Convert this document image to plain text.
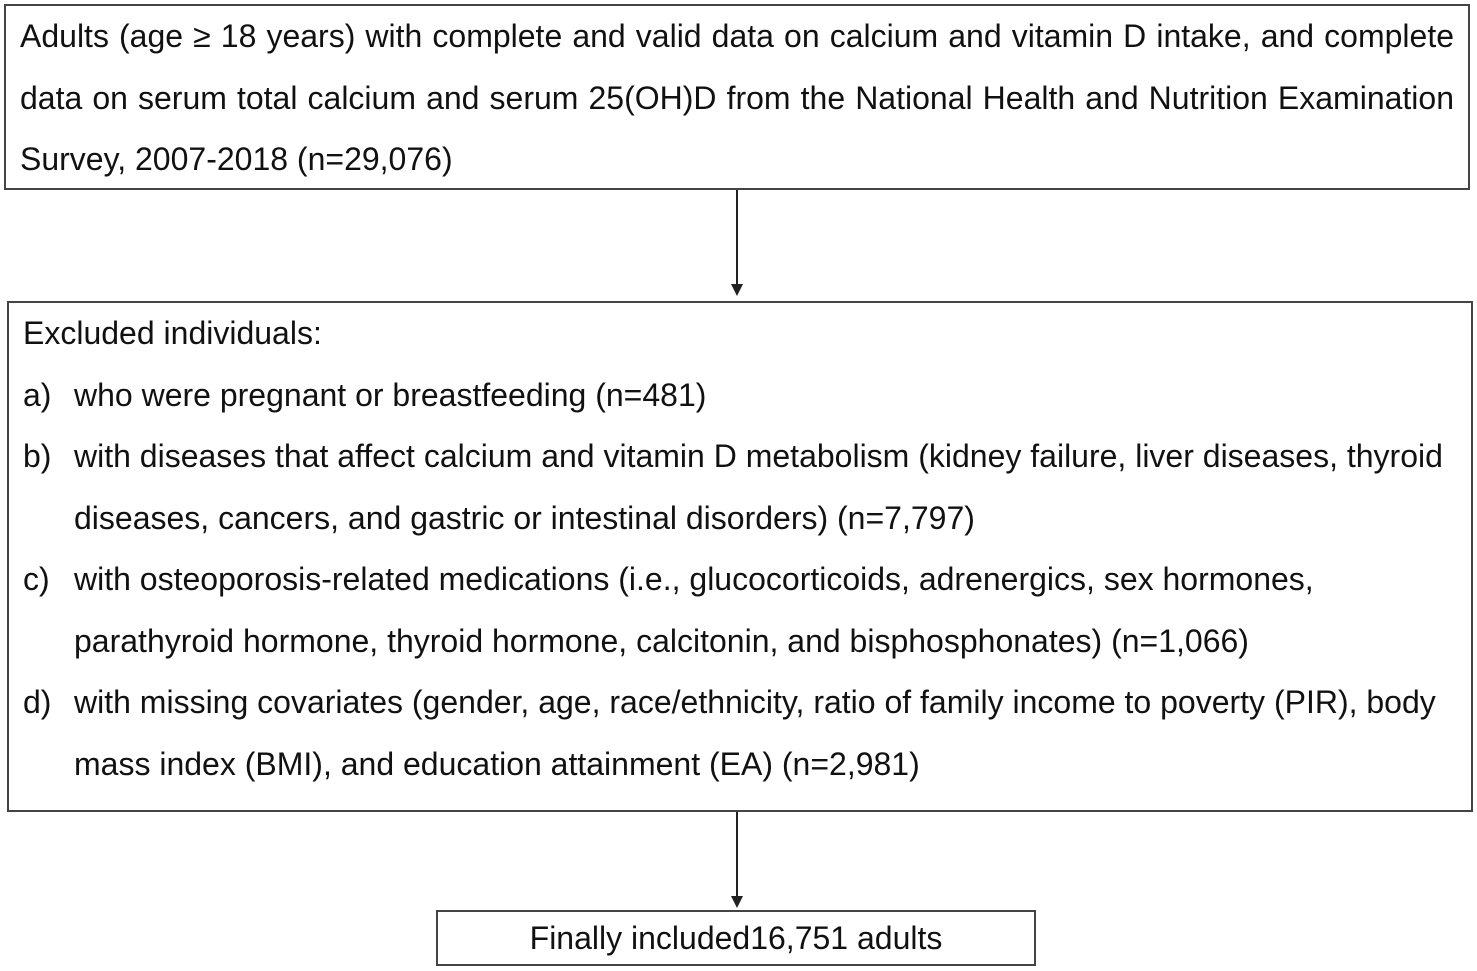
Adults (age ≥ 18 years) with complete and valid data on calcium and vitamin D intake, and complete data on serum total calcium and serum 25(OH)D from the National Health and Nutrition Examination Survey, 2007-2018 (n=29,076)
Excluded individuals:
a) who were pregnant or breastfeeding (n=481)
b) with diseases that affect calcium and vitamin D metabolism (kidney failure, liver diseases, thyroid diseases, cancers, and gastric or intestinal disorders) (n=7,797)
c) with osteoporosis-related medications (i.e., glucocorticoids, adrenergics, sex hormones, parathyroid hormone, thyroid hormone, calcitonin, and bisphosphonates) (n=1,066)
d) with missing covariates (gender, age, race/ethnicity, ratio of family income to poverty (PIR), body mass index (BMI), and education attainment (EA) (n=2,981)
Finally included16,751 adults
